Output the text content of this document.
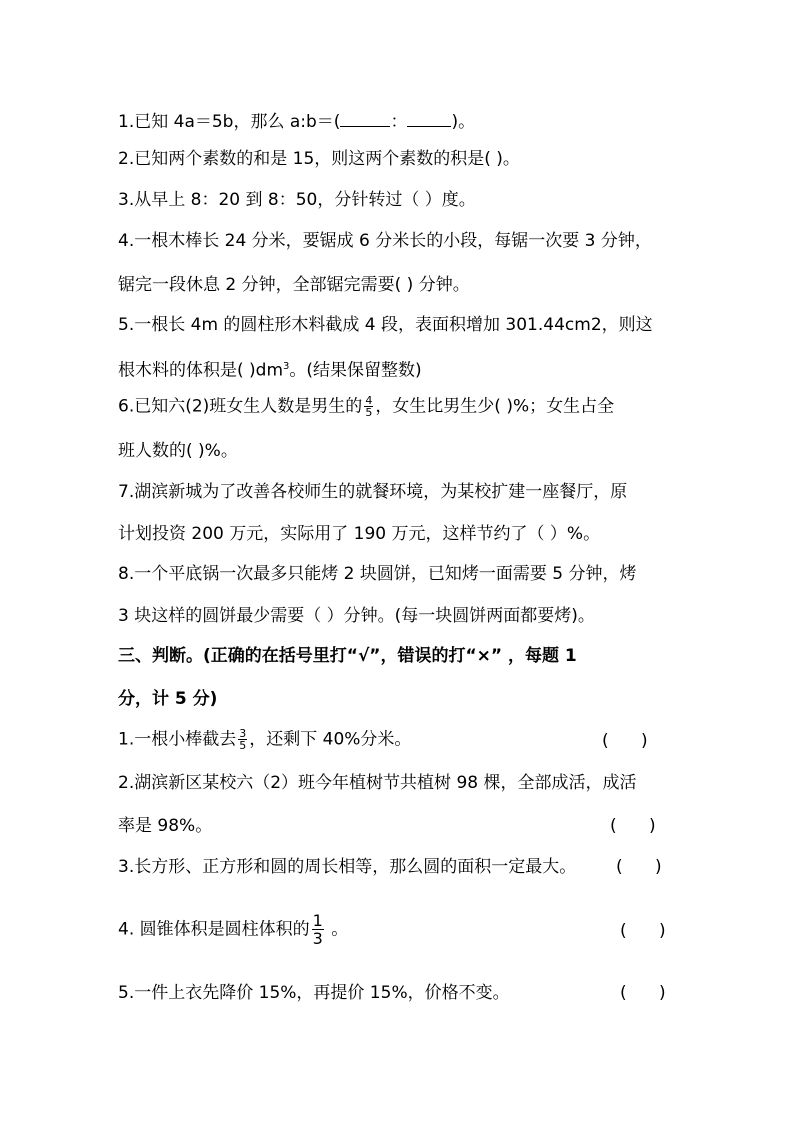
1.已知 4a＝5b，那么 a:b＝(	：	)。
2.已知两个素数的和是 15，则这两个素数的积是( )。
3.从早上 8：20 到 8：50，分针转过（ ）度。
4.一根木棒长 24 分米，要锯成 6 分米长的小段，每锯一次要 3 分钟，
锯完一段休息 2 分钟，全部锯完需要( ) 分钟。
5.一根长 4m 的圆柱形木料截成 4 段，表面积增加 301.44cm2，则这
根木料的体积是( )$dm^3$。(结果保留整数)
6.已知六(2)班女生人数是男生的 $\frac{4}{5}$ ，女生比男生少( )%；女生占全
班人数的( )%。
7.湖滨新城为了改善各校师生的就餐环境，为某校扩建一座餐厅，原
计划投资 200 万元，实际用了 190 万元，这样节约了（ ）%。
8.一个平底锅一次最多只能烤 2 块圆饼，已知烤一面需要 5 分钟，烤
3 块这样的圆饼最少需要（ ）分钟。(每一块圆饼两面都要烤)。
三、判断。(正确的在括号里打“√”，错误的打“×” ，每题 1
分，计 5 分)
1.一根小棒截去 $\frac{3}{5}$ ，还剩下 40%分米。	(      )
2.湖滨新区某校六（2）班今年植树节共植树 98 棵，全部成活，成活
率是 98%。	(      )
3.长方形、正方形和圆的周长相等，那么圆的面积一定最大。 (      )
4. 圆锥体积是圆柱体积的 $\frac{1}{3}$ 。	(      )
5.一件上衣先降价 15%，再提价 15%，价格不变。	(      )
